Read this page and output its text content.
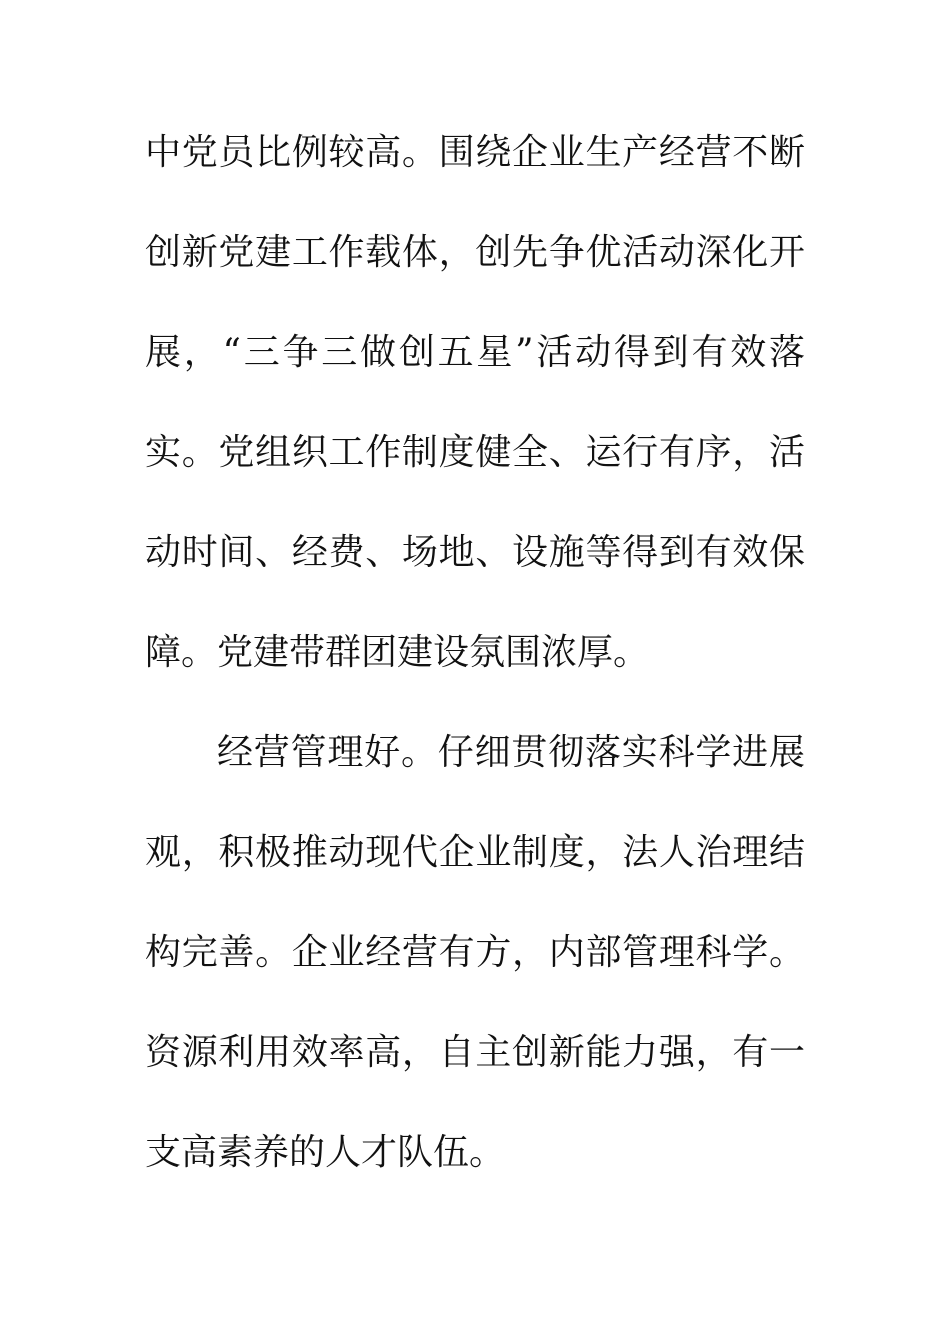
中党员比例较高。围绕企业生产经营不断
创新党建工作载体，创先争优活动深化开
展，“三争三做创五星”活动得到有效落
实。党组织工作制度健全、运行有序，活
动时间、经费、场地、设施等得到有效保
障。党建带群团建设氛围浓厚。
经营管理好。仔细贯彻落实科学进展
观，积极推动现代企业制度，法人治理结
构完善。企业经营有方，内部管理科学。
资源利用效率高，自主创新能力强，有一
支高素养的人才队伍。
